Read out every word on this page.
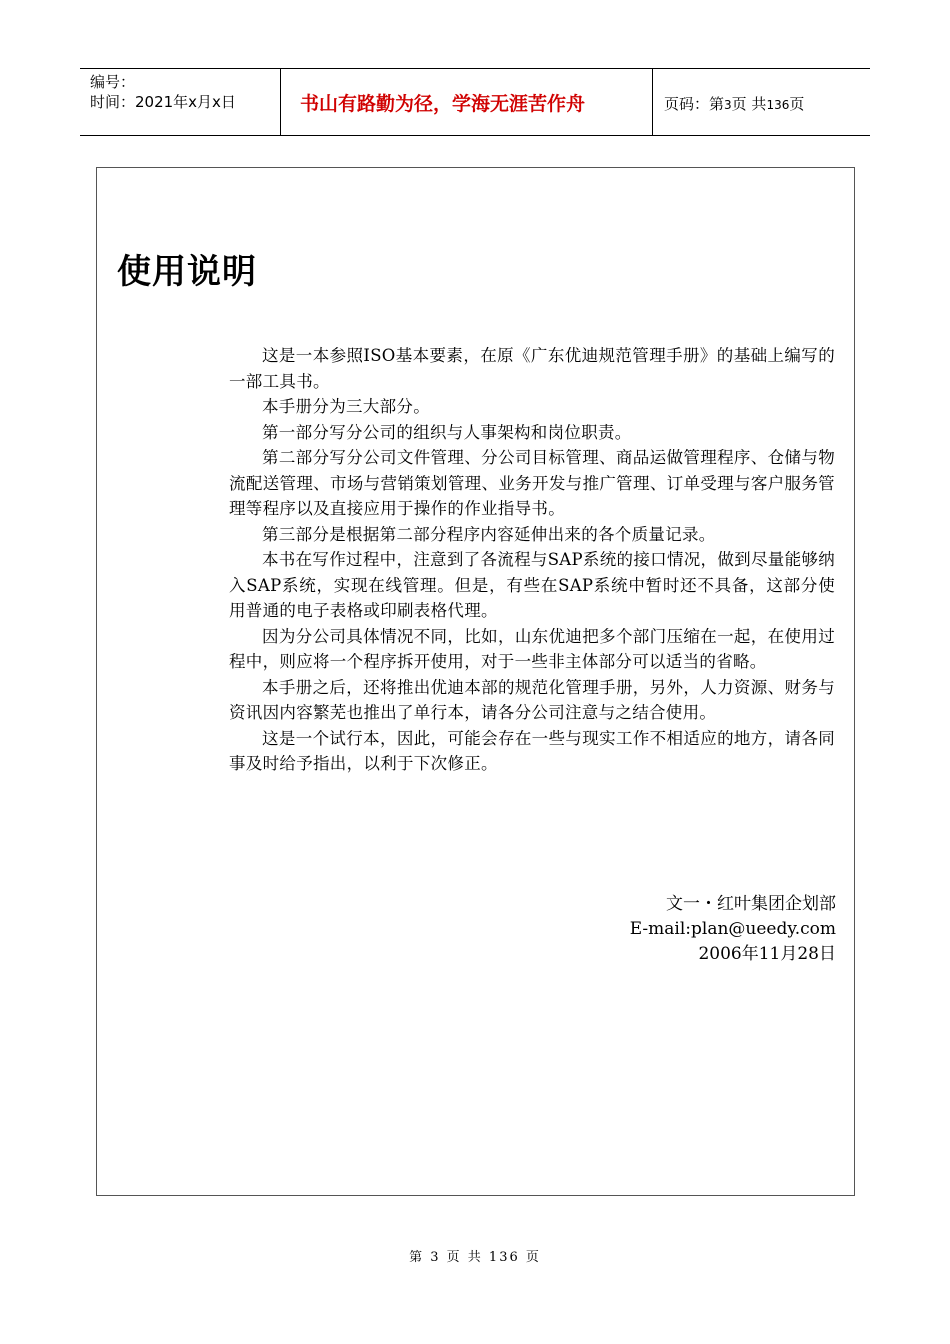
编号：
时间：2021年x月x日	书山有路勤为径，学海无涯苦作舟	页码：第3页 共136页
使用说明

这是一本参照ISO基本要素，在原《广东优迪规范管理手册》的基础上编写的一部工具书。

本手册分为三大部分。

第一部分写分公司的组织与人事架构和岗位职责。

第二部分写分公司文件管理、分公司目标管理、商品运做管理程序、仓储与物流配送管理、市场与营销策划管理、业务开发与推广管理、订单受理与客户服务管理等程序以及直接应用于操作的作业指导书。

第三部分是根据第二部分程序内容延伸出来的各个质量记录。

本书在写作过程中，注意到了各流程与SAP系统的接口情况，做到尽量能够纳入SAP系统，实现在线管理。但是，有些在SAP系统中暂时还不具备，这部分使用普通的电子表格或印刷表格代理。

因为分公司具体情况不同，比如，山东优迪把多个部门压缩在一起，在使用过程中，则应将一个程序拆开使用，对于一些非主体部分可以适当的省略。

本手册之后，还将推出优迪本部的规范化管理手册，另外，人力资源、财务与资讯因内容繁芜也推出了单行本，请各分公司注意与之结合使用。

这是一个试行本，因此，可能会存在一些与现实工作不相适应的地方，请各同事及时给予指出，以利于下次修正。

文一・红叶集团企划部
E-mail:plan@ueedy.com
2006年11月28日
第 3 页 共 136 页
